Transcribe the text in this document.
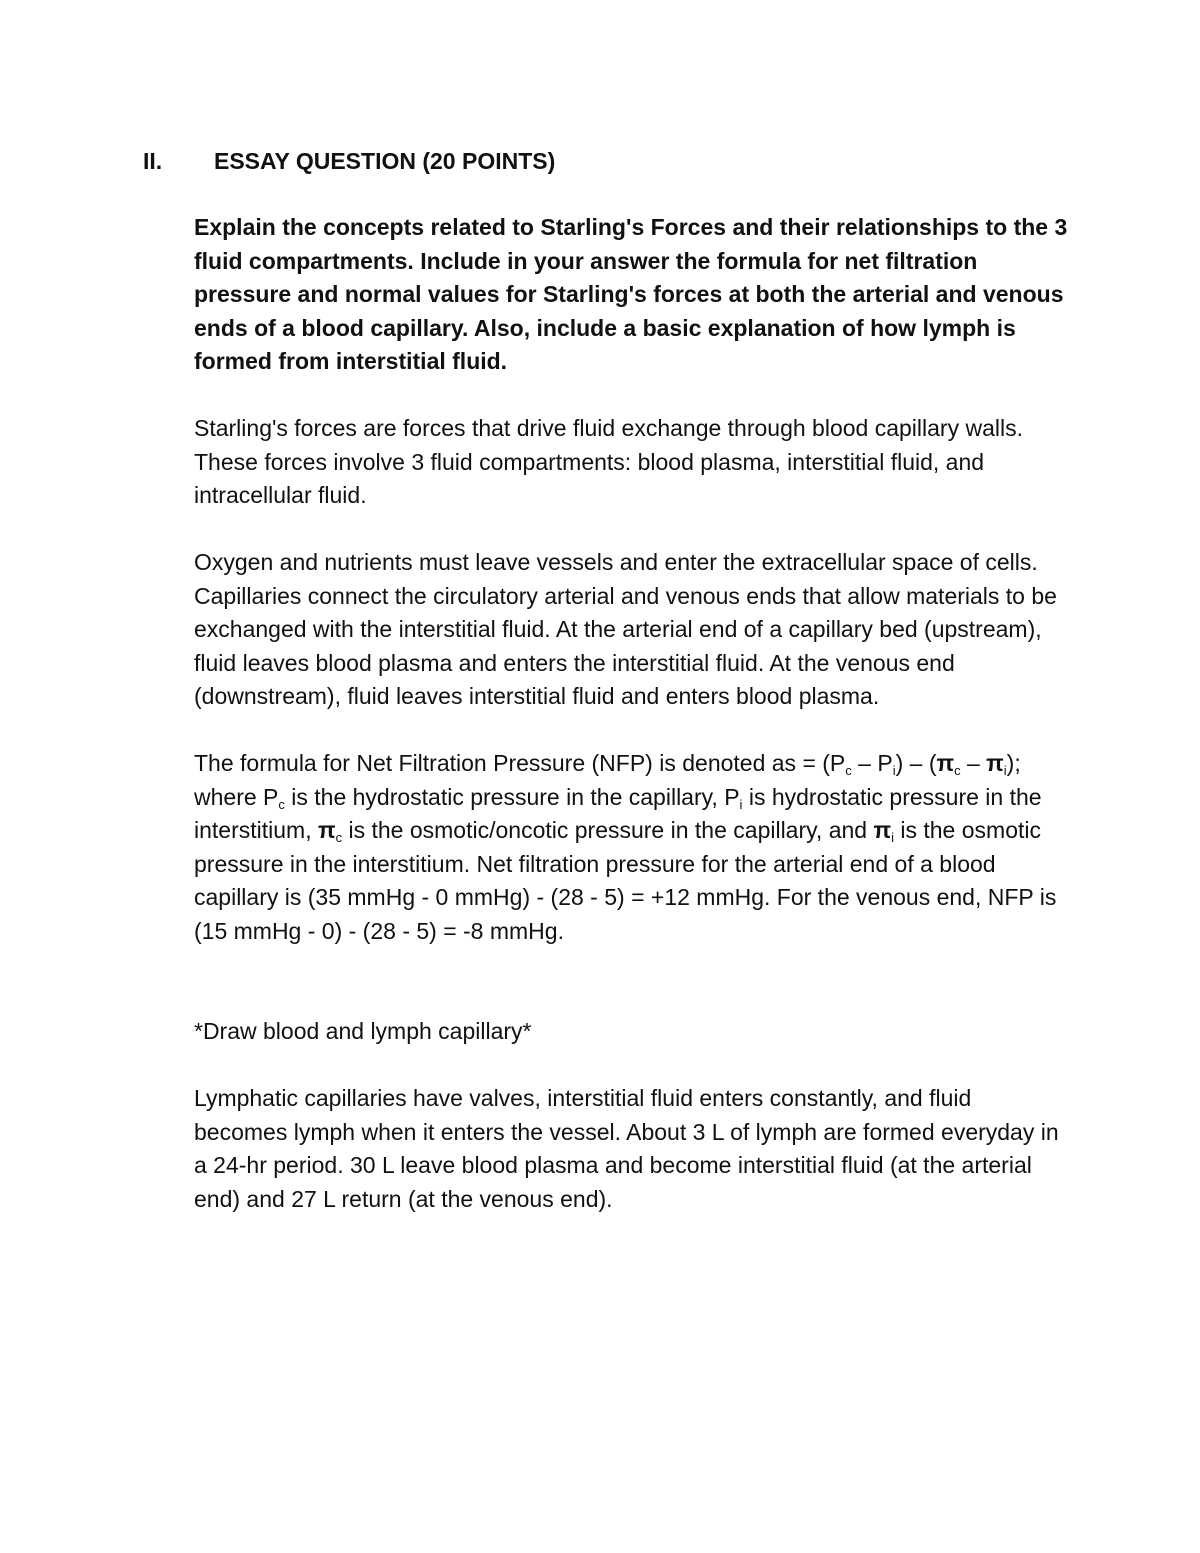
II. ESSAY QUESTION (20 POINTS)

Explain the concepts related to Starling's Forces and their relationships to the 3 fluid compartments. Include in your answer the formula for net filtration pressure and normal values for Starling's forces at both the arterial and venous ends of a blood capillary. Also, include a basic explanation of how lymph is formed from interstitial fluid.

Starling's forces are forces that drive fluid exchange through blood capillary walls. These forces involve 3 fluid compartments: blood plasma, interstitial fluid, and intracellular fluid.

Oxygen and nutrients must leave vessels and enter the extracellular space of cells. Capillaries connect the circulatory arterial and venous ends that allow materials to be exchanged with the interstitial fluid. At the arterial end of a capillary bed (upstream), fluid leaves blood plasma and enters the interstitial fluid. At the venous end (downstream), fluid leaves interstitial fluid and enters blood plasma.

The formula for Net Filtration Pressure (NFP) is denoted as = $(P_c - P_i) - (\pi_c - \pi_i)$; where $P_c$ is the hydrostatic pressure in the capillary, $P_i$ is hydrostatic pressure in the interstitium, $\pi_c$ is the osmotic/oncotic pressure in the capillary, and $\pi_i$ is the osmotic pressure in the interstitium. Net filtration pressure for the arterial end of a blood capillary is (35 mmHg - 0 mmHg) - (28 - 5) = +12 mmHg. For the venous end, NFP is (15 mmHg - 0) - (28 - 5) = -8 mmHg.

*Draw blood and lymph capillary*

Lymphatic capillaries have valves, interstitial fluid enters constantly, and fluid becomes lymph when it enters the vessel. About 3 L of lymph are formed everyday in a 24-hr period. 30 L leave blood plasma and become interstitial fluid (at the arterial end) and 27 L return (at the venous end).
